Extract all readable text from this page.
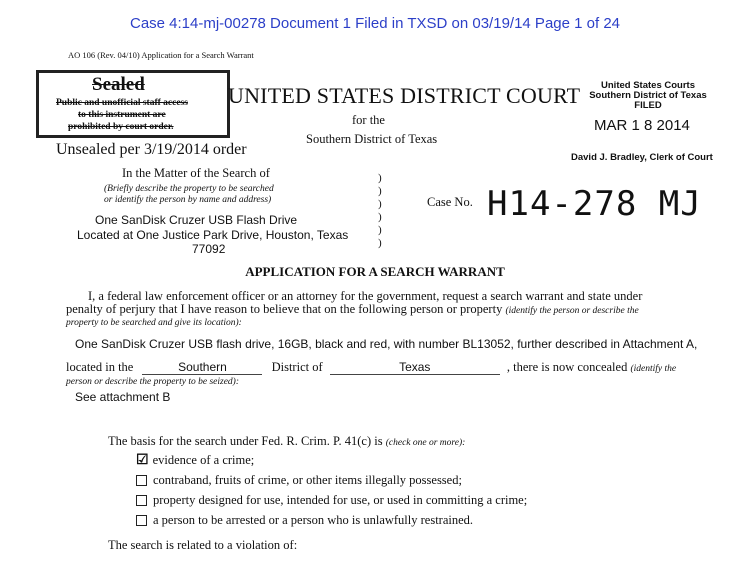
Case 4:14-mj-00278 Document 1 Filed in TXSD on 03/19/14 Page 1 of 24
AO 106 (Rev. 04/10) Application for a Search Warrant
Sealed
Public and unofficial staff access
to this instrument are
prohibited by court order.
Unsealed per 3/19/2014 order
UNITED STATES DISTRICT COURT
for the
Southern District of Texas
United States Courts
Southern District of Texas
FILED
MAR 1 8 2014
David J. Bradley, Clerk of Court
In the Matter of the Search of
(Briefly describe the property to be searched
or identify the person by name and address)
One SanDisk Cruzer USB Flash Drive
Located at One Justice Park Drive, Houston, Texas
77092
)
)
)
)
)
)
Case No. H14-278 MJ
APPLICATION FOR A SEARCH WARRANT
I, a federal law enforcement officer or an attorney for the government, request a search warrant and state under
penalty of perjury that I have reason to believe that on the following person or property (identify the person or describe the
property to be searched and give its location):
One SanDisk Cruzer USB flash drive, 16GB, black and red, with number BL13052, further described in Attachment A,
located in the	Southern	District of	Texas	, there is now concealed (identify the
person or describe the property to be seized):
See attachment B
The basis for the search under Fed. R. Crim. P. 41(c) is (check one or more):
☑ evidence of a crime;
contraband, fruits of crime, or other items illegally possessed;
property designed for use, intended for use, or used in committing a crime;
a person to be arrested or a person who is unlawfully restrained.
The search is related to a violation of:
